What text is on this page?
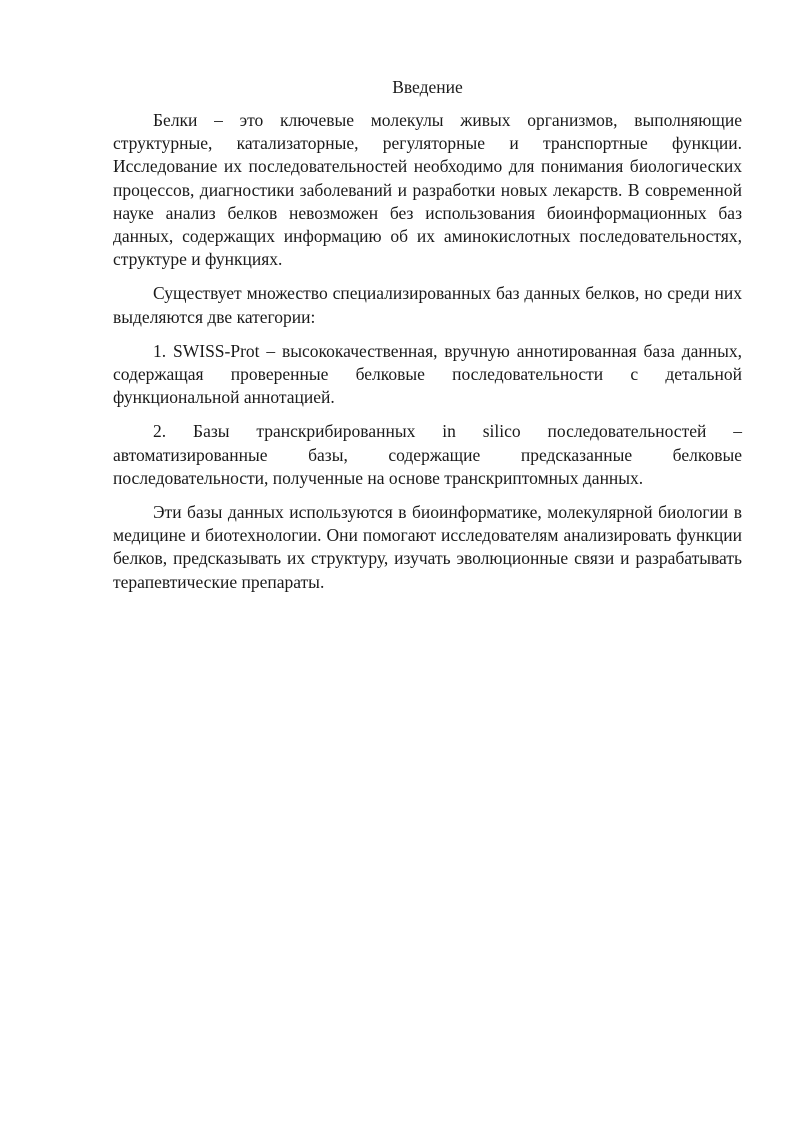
Введение

Белки – это ключевые молекулы живых организмов, выполняющие структурные, катализаторные, регуляторные и транспортные функции. Исследование их последовательностей необходимо для понимания биологических процессов, диагностики заболеваний и разработки новых лекарств. В современной науке анализ белков невозможен без использования биоинформационных баз данных, содержащих информацию об их аминокислотных последовательностях, структуре и функциях.

Существует множество специализированных баз данных белков, но среди них выделяются две категории:

1. SWISS-Prot – высококачественная, вручную аннотированная база данных, содержащая проверенные белковые последовательности с детальной функциональной аннотацией.

2. Базы транскрибированных in silico последовательностей – автоматизированные базы, содержащие предсказанные белковые последовательности, полученные на основе транскриптомных данных.

Эти базы данных используются в биоинформатике, молекулярной биологии в медицине и биотехнологии. Они помогают исследователям анализировать функции белков, предсказывать их структуру, изучать эволюционные связи и разрабатывать терапевтические препараты.
